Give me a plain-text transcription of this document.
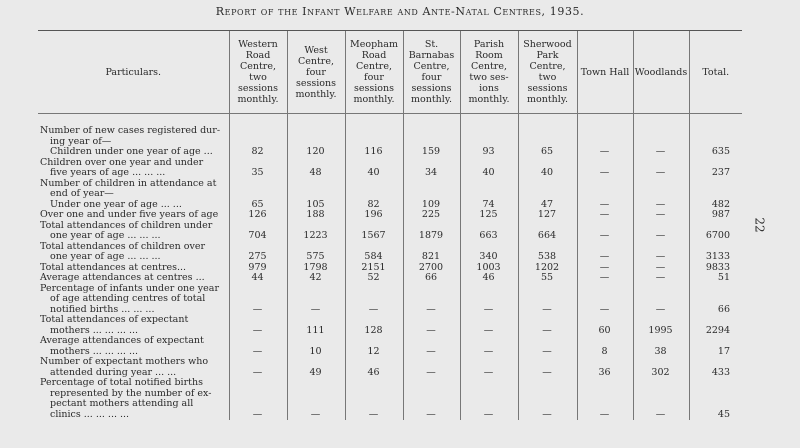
Report of the Infant Welfare and Ante-Natal Centres, 1935.
22
Particulars.	Western Road Centre, two sessions monthly.	West Centre, four sessions monthly.	Meopham Road Centre, four sessions monthly.	St. Barnabas Centre, four sessions monthly.	Parish Room Centre, two ses-ions monthly.	Sherwood Park Centre, two sessions monthly.	Town Hall	Woodlands	Total.

Number of new cases registered dur-
ing year of—
Children under one year of age ...	82	120	116	159	93	65	—	—	635

Children over one year and under
five years of age ... ... ...	35	48	40	34	40	40	—	—	237

Number of children in attendance at
end of year—
Under one year of age ... ...	65	105	82	109	74	47	—	—	482

Over one and under five years of age	126	188	196	225	125	127	—	—	987

Total attendances of children under
one year of age ... ... ...	704	1223	1567	1879	663	664	—	—	6700

Total attendances of children over
one year of age ... ... ...	275	575	584	821	340	538	—	—	3133

Total attendances at centres...	979	1798	2151	2700	1003	1202	—	—	9833

Average attendances at centres ...	44	42	52	66	46	55	—	—	51

Percentage of infants under one year
of age attending centres of total
notified births ... ... ...	—	—	—	—	—	—	—	—	66

Total attendances of expectant
mothers ... ... ... ...	—	111	128	—	—	—	60	1995	2294

Average attendances of expectant
mothers ... ... ... ...	—	10	12	—	—	—	8	38	17

Number of expectant mothers who
attended during year ... ...	—	49	46	—	—	—	36	302	433

Percentage of total notified births
represented by the number of ex-
pectant mothers attending all
clinics ... ... ... ...	—	—	—	—	—	—	—	—	45
